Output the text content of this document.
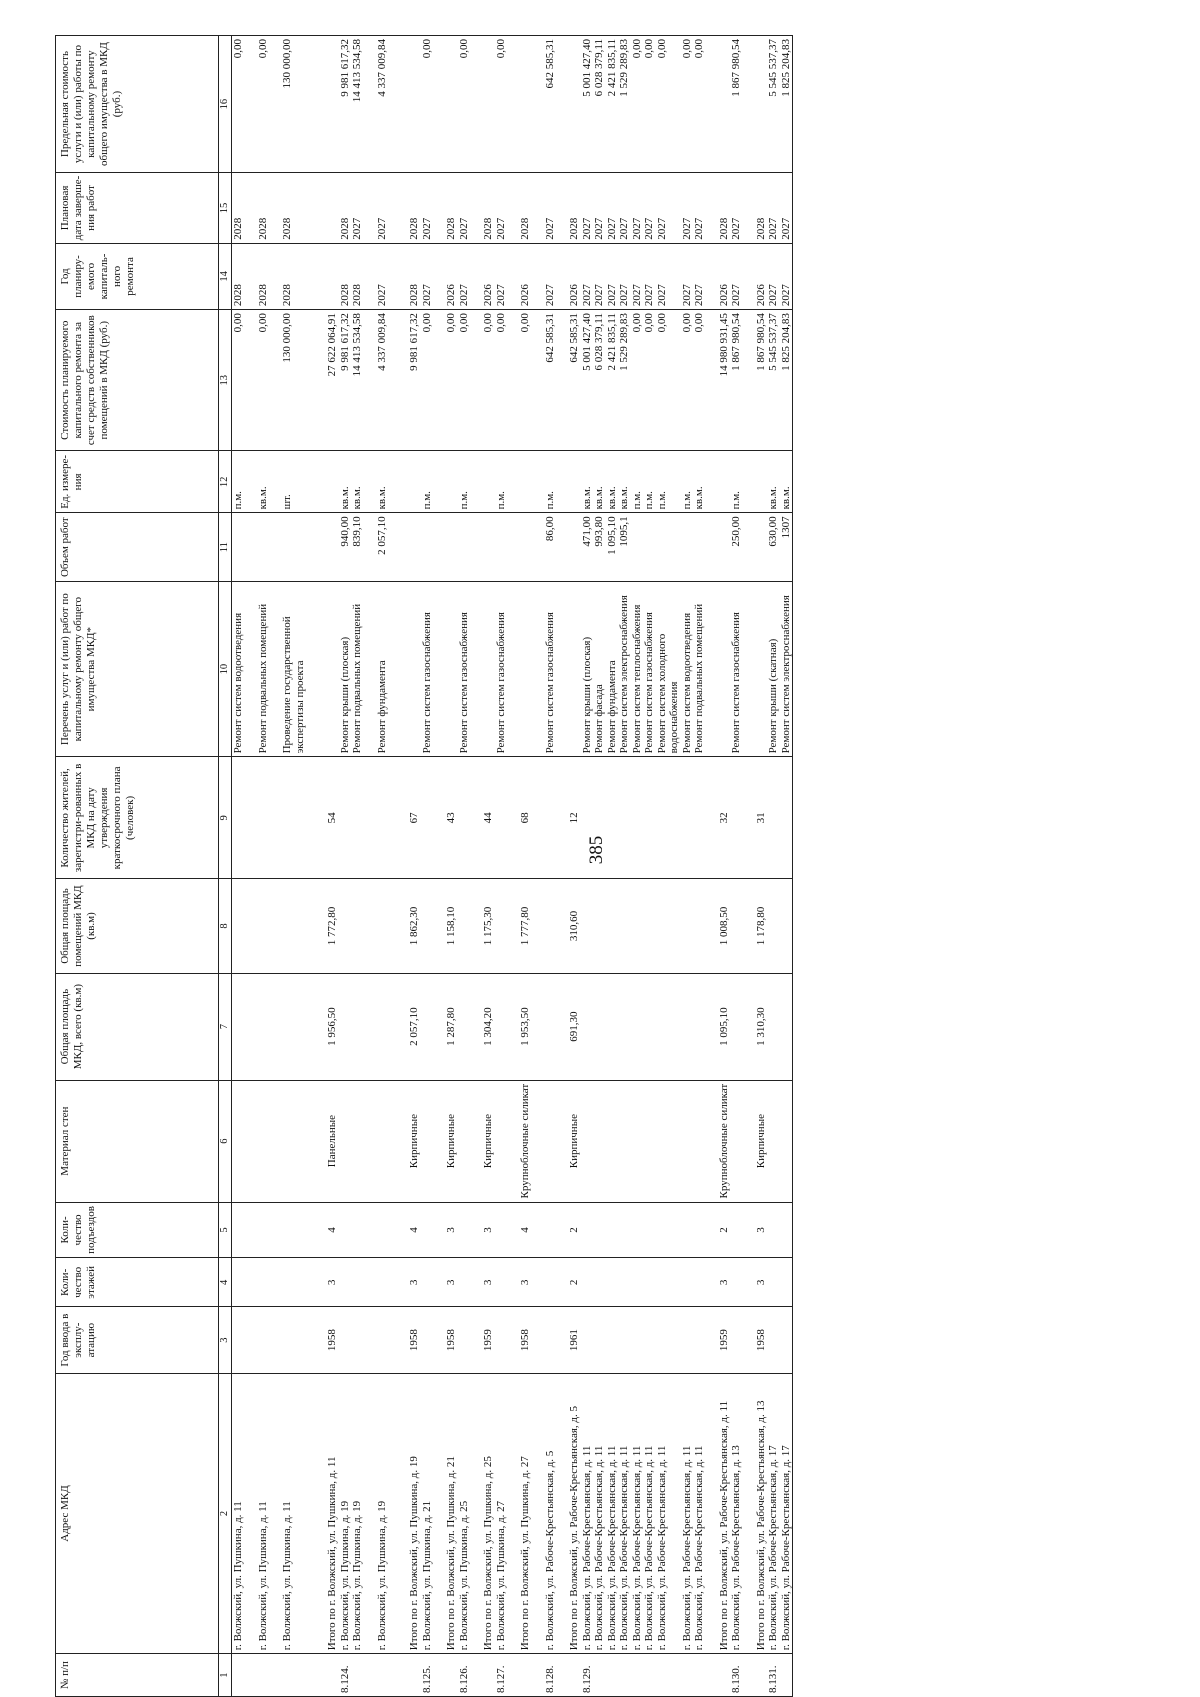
385
№ п/п	Адрес МКД	Год ввода в эксплу-атацию	Коли-чество этажей	Коли-чество подъездов	Материал стен	Общая площадь МКД, всего (кв.м)	Общая площадь помещений МКД (кв.м)	Количество жителей, зарегистри-рованных в МКД на дату утверждения краткосрочного плана (человек)	Перечень услуг и (или) работ по капитальному ремонту общего имущества МКД*	Объем работ	Ед. измере-ния	Стоимость планируемого капитального ремонта за счет средств собственников помещений в МКД (руб.)	Год планиру-емого капиталь-ного ремонта	Плановая дата заверше-ния работ	Предельная стоимость услуги и (или) работы по капитальному ремонту общего имущества в МКД (руб.)
1	2	3	4	5	6	7	8	9	10	11	12	13	14	15	16
	г. Волжский, ул. Пушкина, д. 11								Ремонт систем водоотведения		п.м.	0,00	2028	2028	0,00

	г. Волжский, ул. Пушкина, д. 11								Ремонт подвальных помещений		кв.м.	0,00	2028	2028	0,00

	г. Волжский, ул. Пушкина, д. 11								Проведение государственной экспертизы проекта		шт.	130 000,00	2028	2028	130 000,00

	Итого по г. Волжский, ул. Пушкина, д. 11	1958	3	4	Панельные	1 956,50	1 772,80	54				27 622 064,91			
8.124.	г. Волжский, ул. Пушкина, д. 19								Ремонт крыши (плоская)	940,00	кв.м.	9 981 617,32	2028	2028	9 981 617,32
	г. Волжский, ул. Пушкина, д. 19								Ремонт подвальных помещений	839,10	кв.м.	14 413 534,58	2028	2027	14 413 534,58

	г. Волжский, ул. Пушкина, д. 19								Ремонт фундамента	2 057,10	кв.м.	4 337 009,84	2027	2027	4 337 009,84

	Итого по г. Волжский, ул. Пушкина, д. 19	1958	3	4	Кирпичные	2 057,10	1 862,30	67				9 981 617,32	2028	2028	
8.125.	г. Волжский, ул. Пушкина, д. 21								Ремонт систем газоснабжения		п.м.	0,00	2027	2027	0,00

	Итого по г. Волжский, ул. Пушкина, д. 21	1958	3	3	Кирпичные	1 287,80	1 158,10	43				0,00	2026	2028	
8.126.	г. Волжский, ул. Пушкина, д. 25								Ремонт систем газоснабжения		п.м.	0,00	2027	2027	0,00

	Итого по г. Волжский, ул. Пушкина, д. 25	1959	3	3	Кирпичные	1 304,20	1 175,30	44				0,00	2026	2028	
8.127.	г. Волжский, ул. Пушкина, д. 27								Ремонт систем газоснабжения		п.м.	0,00	2027	2027	0,00

	Итого по г. Волжский, ул. Пушкина, д. 27	1958	3	4	Крупноблочные силикат	1 953,50	1 777,80	68				0,00	2026	2028	

8.128.	г. Волжский, ул. Рабоче-Крестьянская, д. 5								Ремонт систем газоснабжения	86,00	п.м.	642 585,31	2027	2027	642 585,31

	Итого по г. Волжский, ул. Рабоче-Крестьянская, д. 5	1961	2	2	Кирпичные	691,30	310,60	12				642 585,31	2026	2028	
8.129.	г. Волжский, ул. Рабоче-Крестьянская, д. 11								Ремонт крыши (плоская)	471,00	кв.м.	5 001 427,40	2027	2027	5 001 427,40
	г. Волжский, ул. Рабоче-Крестьянская, д. 11								Ремонт фасада	993,80	кв.м.	6 028 379,11	2027	2027	6 028 379,11
	г. Волжский, ул. Рабоче-Крестьянская, д. 11								Ремонт фундамента	1 095,10	кв.м.	2 421 835,11	2027	2027	2 421 835,11
	г. Волжский, ул. Рабоче-Крестьянская, д. 11								Ремонт систем электроснабжения	1095,1	кв.м.	1 529 289,83	2027	2027	1 529 289,83
	г. Волжский, ул. Рабоче-Крестьянская, д. 11								Ремонт систем теплоснабжения		п.м.	0,00	2027	2027	0,00
	г. Волжский, ул. Рабоче-Крестьянская, д. 11								Ремонт систем газоснабжения		п.м.	0,00	2027	2027	0,00
	г. Волжский, ул. Рабоче-Крестьянская, д. 11								Ремонт систем холодного водоснабжения		п.м.	0,00	2027	2027	0,00
	г. Волжский, ул. Рабоче-Крестьянская, д. 11								Ремонт систем водоотведения		п.м.	0,00	2027	2027	0,00
	г. Волжский, ул. Рабоче-Крестьянская, д. 11								Ремонт подвальных помещений		кв.м.	0,00	2027	2027	0,00

	Итого по г. Волжский, ул. Рабоче-Крестьянская, д. 11	1959	3	2	Крупноблочные силикат	1 095,10	1 008,50	32				14 980 931,45	2026	2028	
8.130.	г. Волжский, ул. Рабоче-Крестьянская, д. 13								Ремонт систем газоснабжения	250,00	п.м.	1 867 980,54	2027	2027	1 867 980,54

	Итого по г. Волжский, ул. Рабоче-Крестьянская, д. 13	1958	3	3	Кирпичные	1 310,30	1 178,80	31				1 867 980,54	2026	2028	
8.131.	г. Волжский, ул. Рабоче-Крестьянская, д. 17								Ремонт крыши (скатная)	630,00	кв.м.	5 545 537,37	2027	2027	5 545 537,37
	г. Волжский, ул. Рабоче-Крестьянская, д. 17								Ремонт систем электроснабжения	1307	кв.м.	1 825 204,83	2027	2027	1 825 204,83
